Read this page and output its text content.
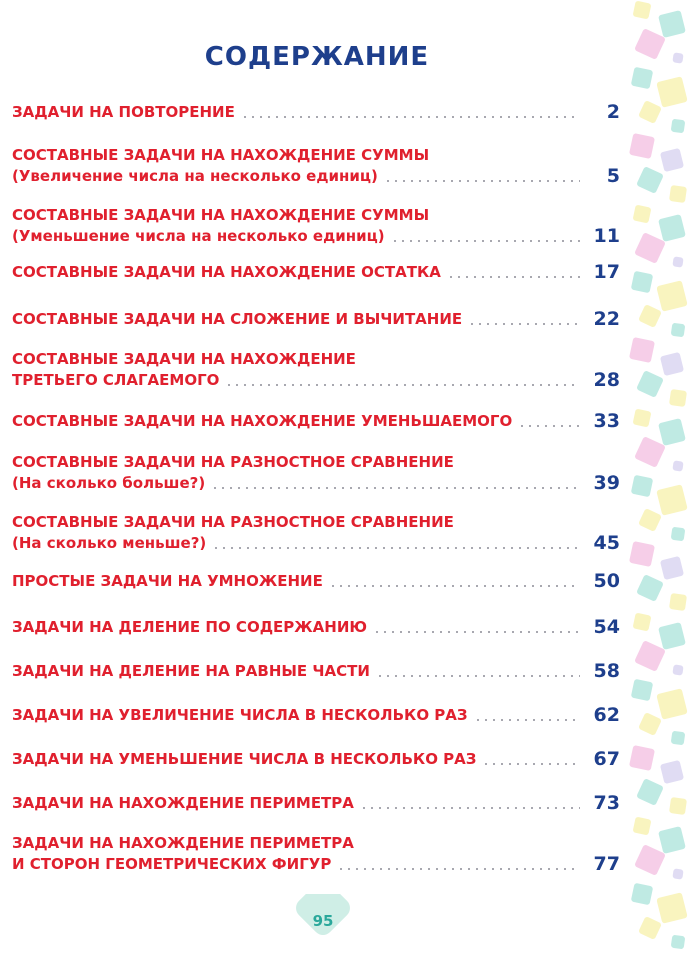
СОДЕРЖАНИЕ
ЗАДАЧИ НА ПОВТОРЕНИЕ	2
СОСТАВНЫЕ ЗАДАЧИ НА НАХОЖДЕНИЕ СУММЫ
(Увеличение числа на несколько единиц)	5
СОСТАВНЫЕ ЗАДАЧИ НА НАХОЖДЕНИЕ СУММЫ
(Уменьшение числа на несколько единиц)	11
СОСТАВНЫЕ ЗАДАЧИ НА НАХОЖДЕНИЕ ОСТАТКА	17
СОСТАВНЫЕ ЗАДАЧИ НА СЛОЖЕНИЕ И ВЫЧИТАНИЕ	22
СОСТАВНЫЕ ЗАДАЧИ НА НАХОЖДЕНИЕ
ТРЕТЬЕГО СЛАГАЕМОГО	28
СОСТАВНЫЕ ЗАДАЧИ НА НАХОЖДЕНИЕ УМЕНЬШАЕМОГО	33
СОСТАВНЫЕ ЗАДАЧИ НА РАЗНОСТНОЕ СРАВНЕНИЕ
(На сколько больше?)	39
СОСТАВНЫЕ ЗАДАЧИ НА РАЗНОСТНОЕ СРАВНЕНИЕ
(На сколько меньше?)	45
ПРОСТЫЕ ЗАДАЧИ НА УМНОЖЕНИЕ	50
ЗАДАЧИ НА ДЕЛЕНИЕ ПО СОДЕРЖАНИЮ	54
ЗАДАЧИ НА ДЕЛЕНИЕ НА РАВНЫЕ ЧАСТИ	58
ЗАДАЧИ НА УВЕЛИЧЕНИЕ ЧИСЛА В НЕСКОЛЬКО РАЗ	62
ЗАДАЧИ НА УМЕНЬШЕНИЕ ЧИСЛА В НЕСКОЛЬКО РАЗ	67
ЗАДАЧИ НА НАХОЖДЕНИЕ ПЕРИМЕТРА	73
ЗАДАЧИ НА НАХОЖДЕНИЕ ПЕРИМЕТРА
И СТОРОН ГЕОМЕТРИЧЕСКИХ ФИГУР	77
95
